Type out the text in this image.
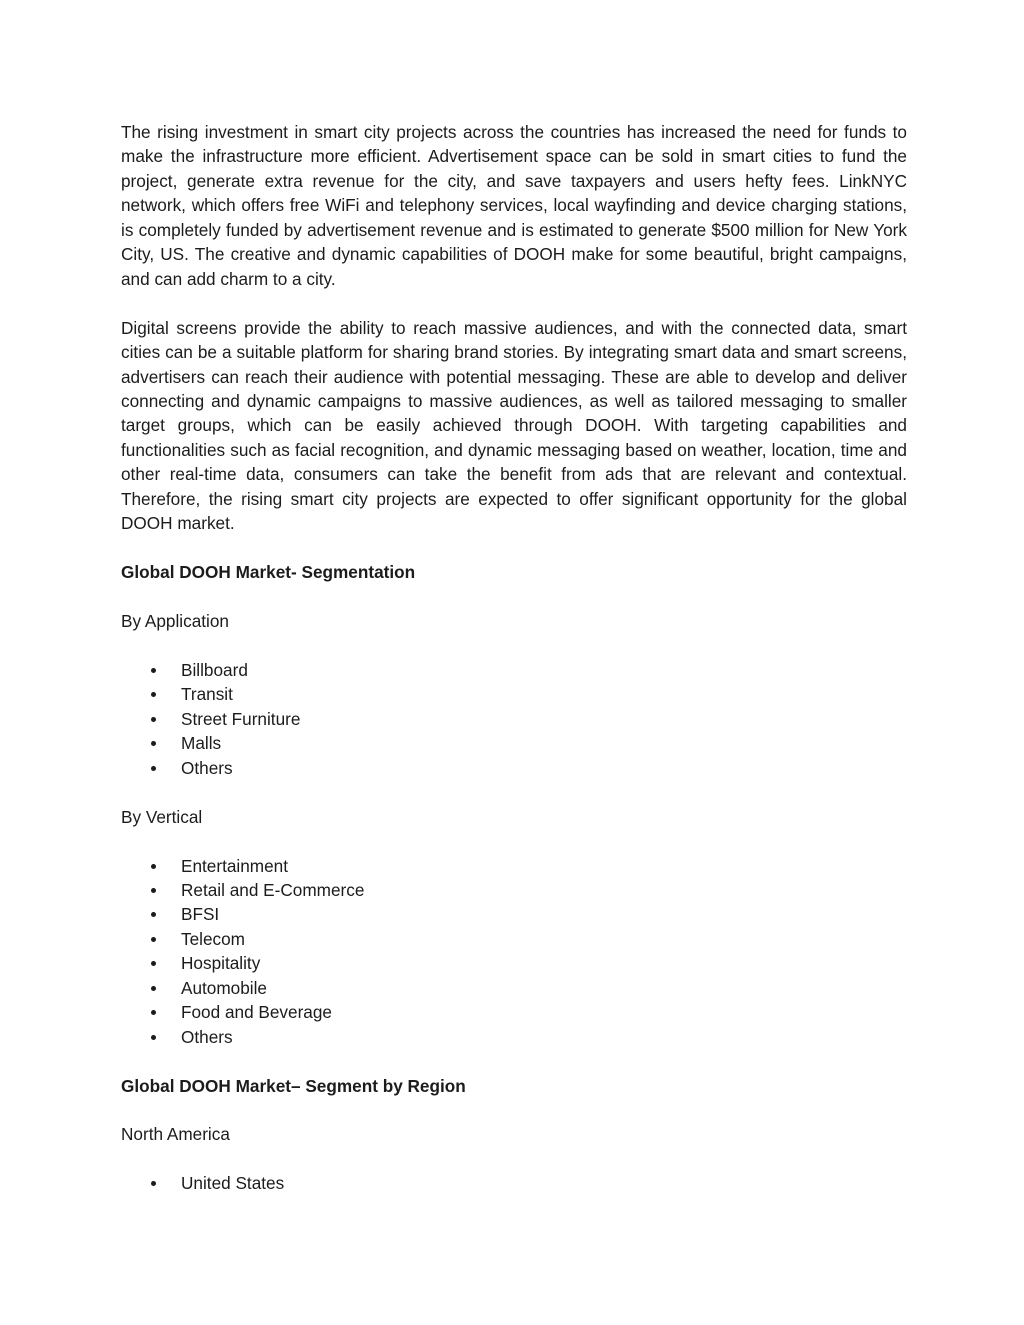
The rising investment in smart city projects across the countries has increased the need for funds to make the infrastructure more efficient. Advertisement space can be sold in smart cities to fund the project, generate extra revenue for the city, and save taxpayers and users hefty fees. LinkNYC network, which offers free WiFi and telephony services, local wayfinding and device charging stations, is completely funded by advertisement revenue and is estimated to generate $500 million for New York City, US. The creative and dynamic capabilities of DOOH make for some beautiful, bright campaigns, and can add charm to a city.

Digital screens provide the ability to reach massive audiences, and with the connected data, smart cities can be a suitable platform for sharing brand stories. By integrating smart data and smart screens, advertisers can reach their audience with potential messaging. These are able to develop and deliver connecting and dynamic campaigns to massive audiences, as well as tailored messaging to smaller target groups, which can be easily achieved through DOOH. With targeting capabilities and functionalities such as facial recognition, and dynamic messaging based on weather, location, time and other real-time data, consumers can take the benefit from ads that are relevant and contextual. Therefore, the rising smart city projects are expected to offer significant opportunity for the global DOOH market.

Global DOOH Market- Segmentation

By Application

Billboard
Transit
Street Furniture
Malls
Others

By Vertical

Entertainment
Retail and E-Commerce
BFSI
Telecom
Hospitality
Automobile
Food and Beverage
Others

Global DOOH Market– Segment by Region

North America

United States
